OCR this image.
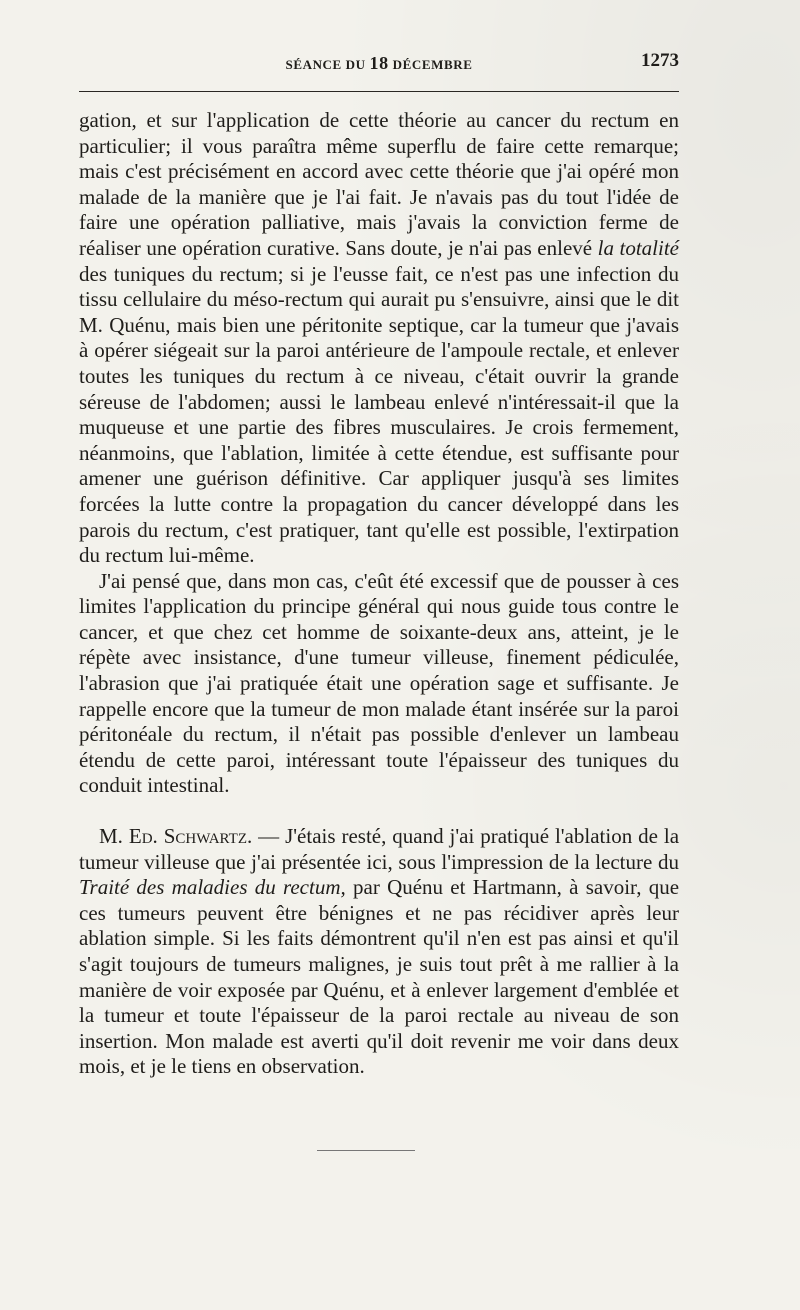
SÉANCE DU 18 DÉCEMBRE	1273

gation, et sur l'application de cette théorie au cancer du rectum en particulier; il vous paraîtra même superflu de faire cette remarque; mais c'est précisément en accord avec cette théorie que j'ai opéré mon malade de la manière que je l'ai fait. Je n'avais pas du tout l'idée de faire une opération palliative, mais j'avais la conviction ferme de réaliser une opération curative. Sans doute, je n'ai pas enlevé la totalité des tuniques du rectum; si je l'eusse fait, ce n'est pas une infection du tissu cellulaire du méso-rectum qui aurait pu s'ensuivre, ainsi que le dit M. Quénu, mais bien une péritonite septique, car la tumeur que j'avais à opérer siégeait sur la paroi antérieure de l'ampoule rectale, et enlever toutes les tuniques du rectum à ce niveau, c'était ouvrir la grande séreuse de l'abdomen; aussi le lambeau enlevé n'intéressait-il que la muqueuse et une partie des fibres musculaires. Je crois fermement, néanmoins, que l'ablation, limitée à cette étendue, est suffisante pour amener une guérison définitive. Car appliquer jusqu'à ses limites forcées la lutte contre la propagation du cancer développé dans les parois du rectum, c'est pratiquer, tant qu'elle est possible, l'extirpation du rectum lui-même.

J'ai pensé que, dans mon cas, c'eût été excessif que de pousser à ces limites l'application du principe général qui nous guide tous contre le cancer, et que chez cet homme de soixante-deux ans, atteint, je le répète avec insistance, d'une tumeur villeuse, finement pédiculée, l'abrasion que j'ai pratiquée était une opération sage et suffisante. Je rappelle encore que la tumeur de mon malade étant insérée sur la paroi péritonéale du rectum, il n'était pas possible d'enlever un lambeau étendu de cette paroi, intéressant toute l'épaisseur des tuniques du conduit intestinal.

M. Ed. Schwartz. — J'étais resté, quand j'ai pratiqué l'ablation de la tumeur villeuse que j'ai présentée ici, sous l'impression de la lecture du Traité des maladies du rectum, par Quénu et Hartmann, à savoir, que ces tumeurs peuvent être bénignes et ne pas récidiver après leur ablation simple. Si les faits démontrent qu'il n'en est pas ainsi et qu'il s'agit toujours de tumeurs malignes, je suis tout prêt à me rallier à la manière de voir exposée par Quénu, et à enlever largement d'emblée et la tumeur et toute l'épaisseur de la paroi rectale au niveau de son insertion. Mon malade est averti qu'il doit revenir me voir dans deux mois, et je le tiens en observation.
